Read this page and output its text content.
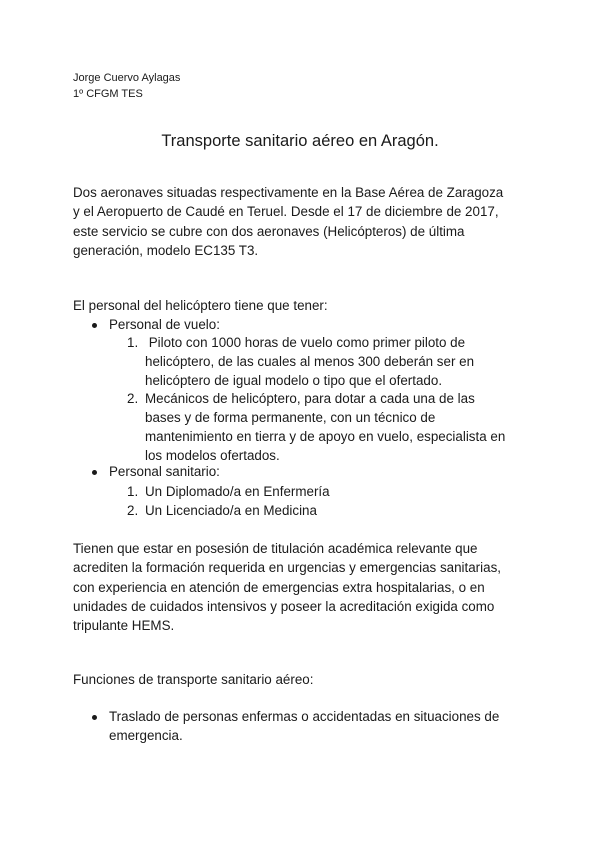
Jorge Cuervo Aylagas
1º CFGM TES
Transporte sanitario aéreo en Aragón.
Dos aeronaves situadas respectivamente en la Base Aérea de Zaragoza
y el Aeropuerto de Caudé en Teruel. Desde el 17 de diciembre de 2017,
este servicio se cubre con dos aeronaves (Helicópteros) de última
generación, modelo EC135 T3.
El personal del helicóptero tiene que tener:
Personal de vuelo:
1. Piloto con 1000 horas de vuelo como primer piloto de
helicóptero, de las cuales al menos 300 deberán ser en
helicóptero de igual modelo o tipo que el ofertado.
2. Mecánicos de helicóptero, para dotar a cada una de las
bases y de forma permanente, con un técnico de
mantenimiento en tierra y de apoyo en vuelo, especialista en
los modelos ofertados.
Personal sanitario:
1. Un Diplomado/a en Enfermería
2. Un Licenciado/a en Medicina
Tienen que estar en posesión de titulación académica relevante que
acrediten la formación requerida en urgencias y emergencias sanitarias,
con experiencia en atención de emergencias extra hospitalarias, o en
unidades de cuidados intensivos y poseer la acreditación exigida como
tripulante HEMS.
Funciones de transporte sanitario aéreo:
Traslado de personas enfermas o accidentadas en situaciones de
emergencia.
